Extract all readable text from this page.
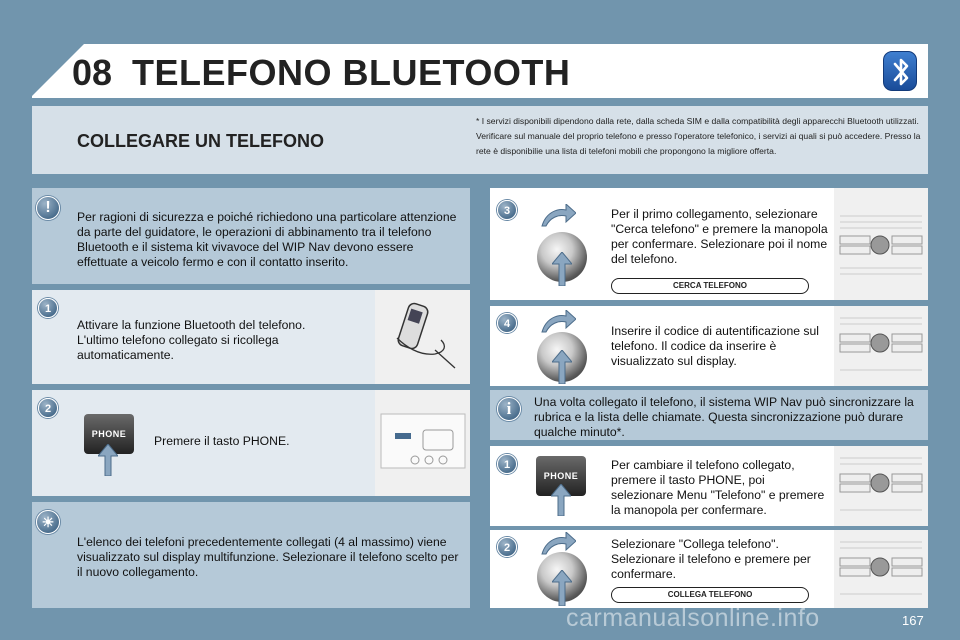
08 TELEFONO BLUETOOTH
COLLEGARE UN TELEFONO
* I servizi disponibili dipendono dalla rete, dalla scheda SIM e dalla compatibilità degli apparecchi Bluetooth utilizzati. Verificare sul manuale del proprio telefono e presso l'operatore telefonico, i servizi ai quali si può accedere. Presso la rete è disponibilie una lista di telefoni mobili che propongono la migliore offerta.
!
Per ragioni di sicurezza e poiché richiedono una particolare attenzione da parte del guidatore, le operazioni di abbinamento tra il telefono Bluetooth e il sistema kit vivavoce del WIP Nav devono essere effettuate a veicolo fermo e con il contatto inserito.
1
Attivare la funzione Bluetooth del telefono. L'ultimo telefono collegato si ricollega automaticamente.
2
PHONE	Premere il tasto PHONE.
☀
L'elenco dei telefoni precedentemente collegati (4 al massimo) viene visualizzato sul display multifunzione. Selezionare il telefono scelto per il nuovo collegamento.
3	Per il primo collegamento, selezionare "Cerca telefono" e premere la manopola per confermare. Selezionare poi il nome del telefono.
CERCA TELEFONO
4	Inserire il codice di autentificazione sul telefono. Il codice da inserire è visualizzato sul display.
i	Una volta collegato il telefono, il sistema WIP Nav può sincronizzare la rubrica e la lista delle chiamate. Questa sincronizzazione può durare qualche minuto*.
1
PHONE
Per cambiare il telefono collegato, premere il tasto PHONE, poi selezionare Menu "Telefono" e premere la manopola per confermare.
2	Selezionare "Collega telefono". Selezionare il telefono e premere per confermare.
COLLEGA TELEFONO
carmanualsonline.info	167
